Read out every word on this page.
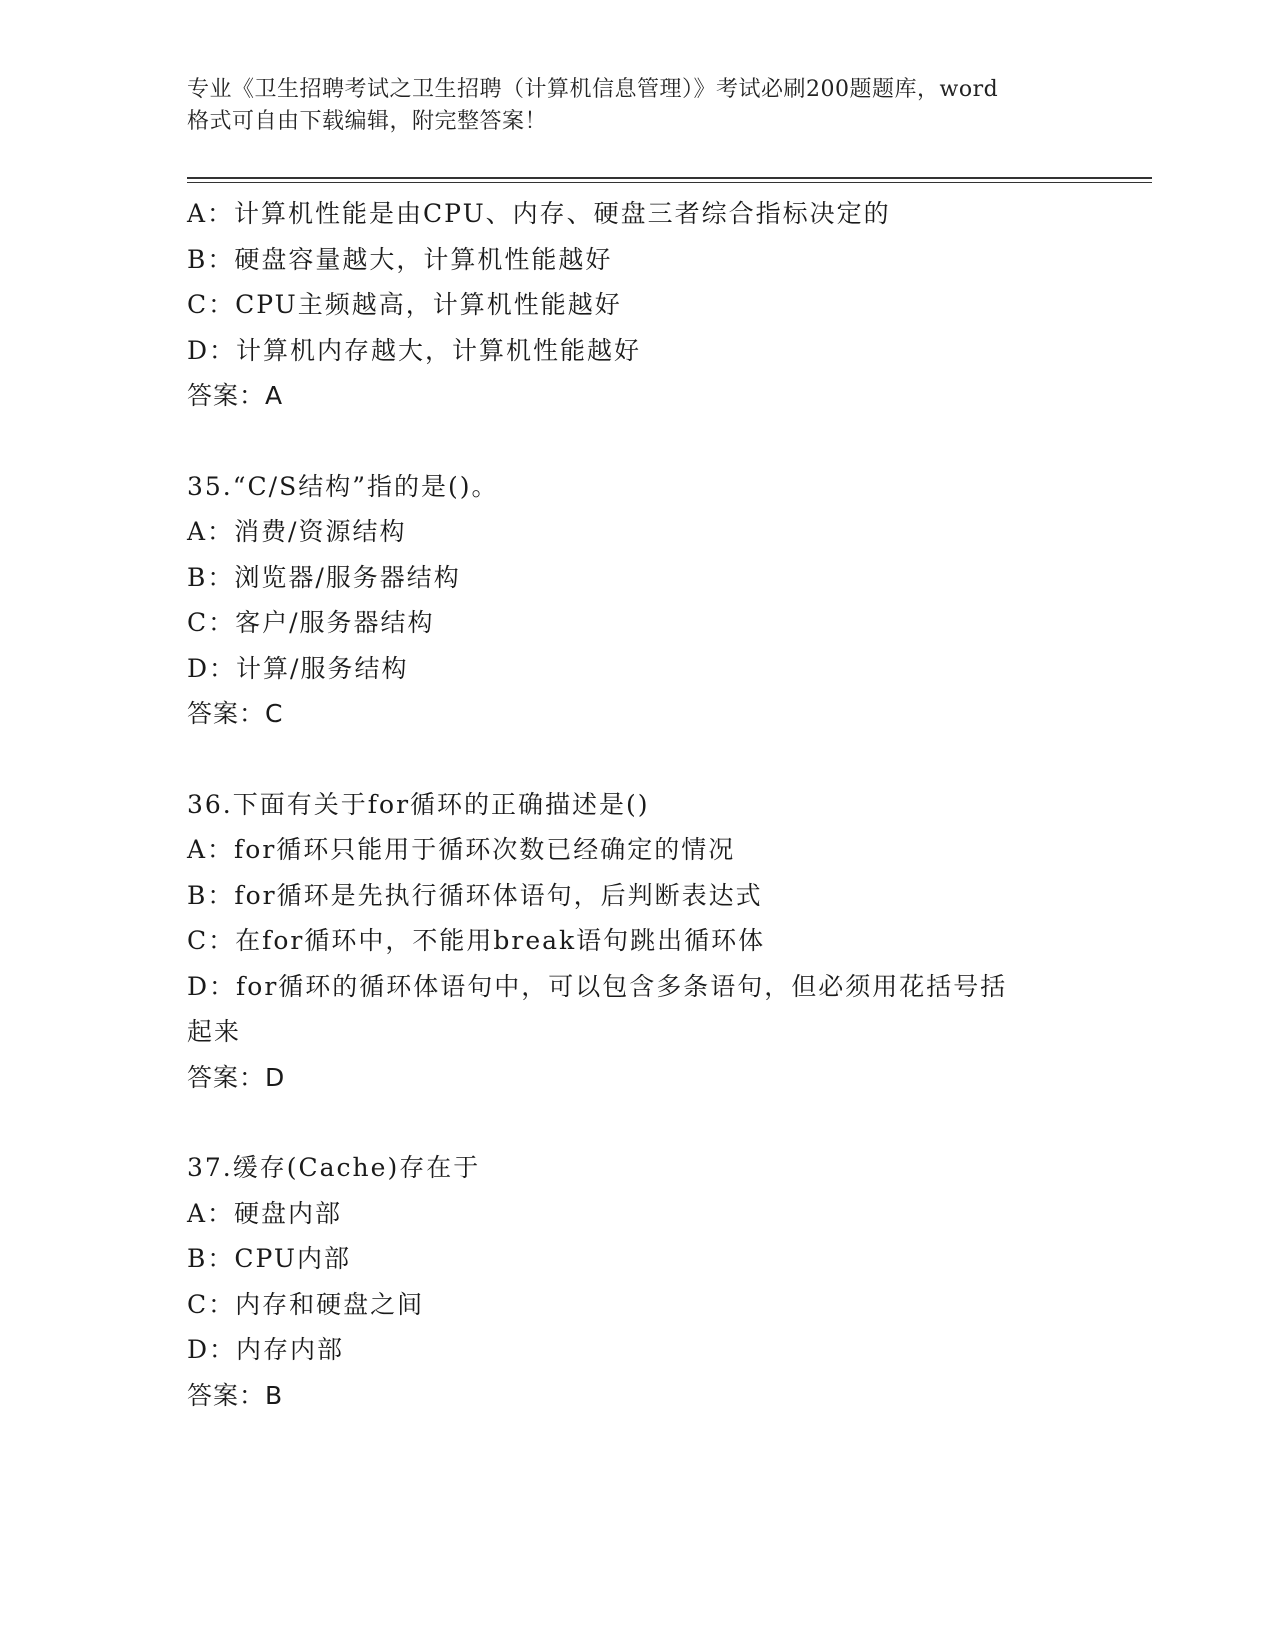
专业《卫生招聘考试之卫生招聘（计算机信息管理）》考试必刷200题题库，word
格式可自由下载编辑，附完整答案！
A：计算机性能是由CPU、内存、硬盘三者综合指标决定的
B：硬盘容量越大，计算机性能越好
C：CPU主频越高，计算机性能越好
D：计算机内存越大，计算机性能越好
答案：A
35.“C/S结构”指的是()。
A：消费/资源结构
B：浏览器/服务器结构
C：客户/服务器结构
D：计算/服务结构
答案：C
36.下面有关于for循环的正确描述是()
A：for循环只能用于循环次数已经确定的情况
B：for循环是先执行循环体语句，后判断表达式
C：在for循环中，不能用break语句跳出循环体
D：for循环的循环体语句中，可以包含多条语句，但必须用花括号括
起来
答案：D
37.缓存(Cache)存在于
A：硬盘内部
B：CPU内部
C：内存和硬盘之间
D：内存内部
答案：B
